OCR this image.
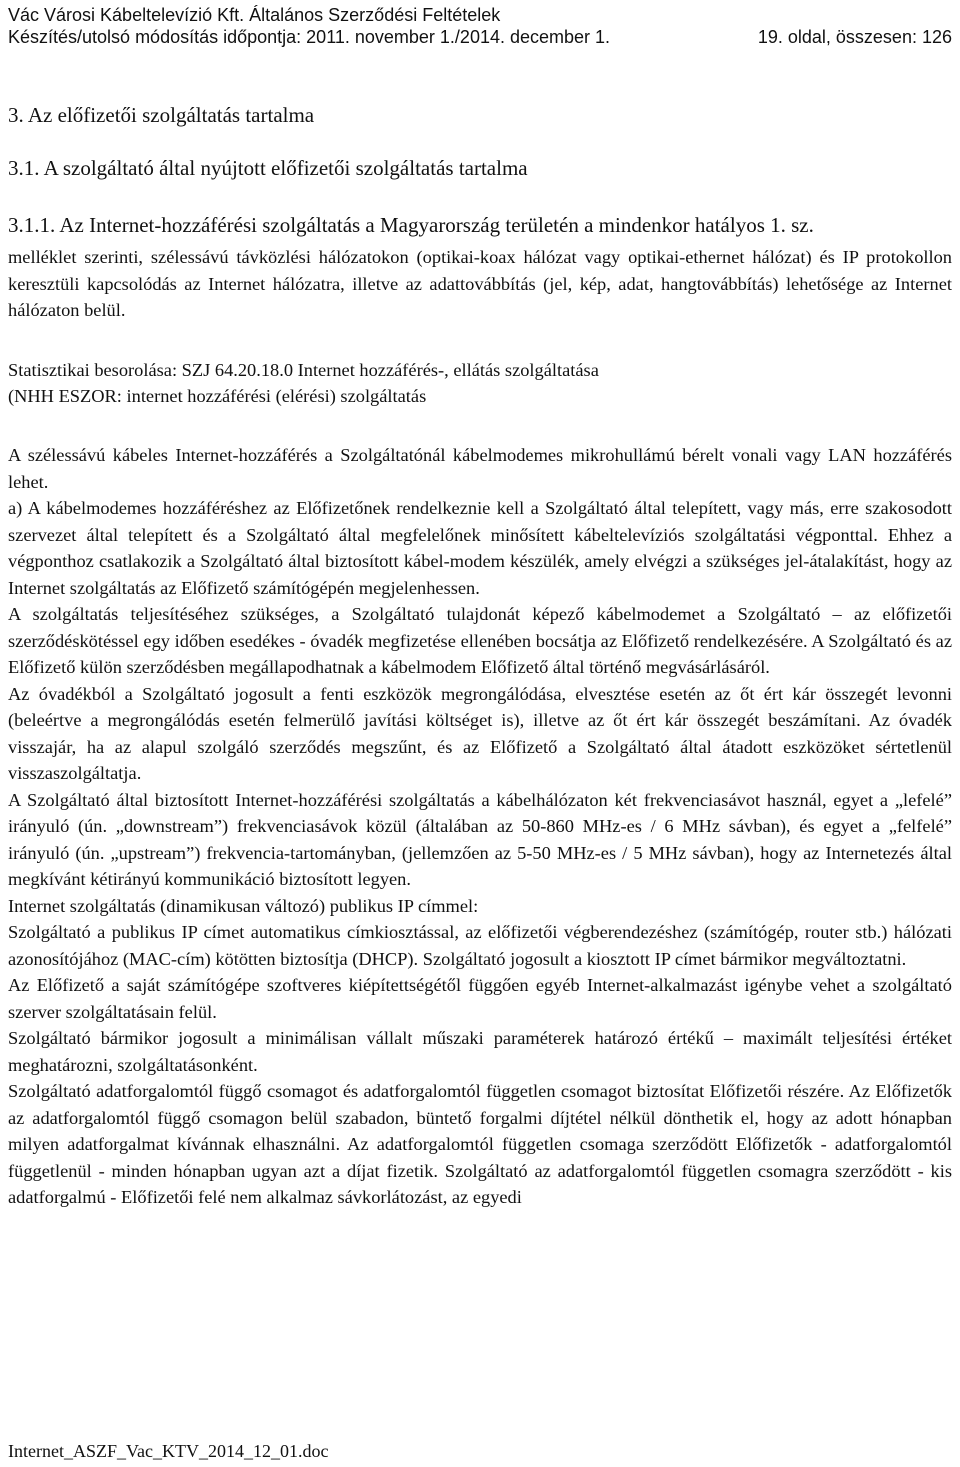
Vác Városi Kábeltelevízió Kft. Általános Szerződési Feltételek
Készítés/utolsó módosítás időpontja: 2011. november 1./2014. december 1.	19. oldal, összesen: 126
3. Az előfizetői szolgáltatás tartalma
3.1. A szolgáltató által nyújtott előfizetői szolgáltatás tartalma
3.1.1. Az Internet-hozzáférési szolgáltatás a Magyarország területén a mindenkor hatályos 1. sz.

melléklet szerinti, szélessávú távközlési hálózatokon (optikai-koax hálózat vagy optikai-ethernet hálózat) és IP protokollon keresztüli kapcsolódás az Internet hálózatra, illetve az adattovábbítás (jel, kép, adat, hangtovábbítás) lehetősége az Internet hálózaton belül.

Statisztikai besorolása: SZJ 64.20.18.0 Internet hozzáférés-, ellátás szolgáltatása

(NHH ESZOR: internet hozzáférési (elérési) szolgáltatás

A szélessávú kábeles Internet-hozzáférés a Szolgáltatónál kábelmodemes mikrohullámú bérelt vonali vagy LAN hozzáférés lehet.

a) A kábelmodemes hozzáféréshez az Előfizetőnek rendelkeznie kell a Szolgáltató által telepített, vagy más, erre szakosodott szervezet által telepített és a Szolgáltató által megfelelőnek minősített kábeltelevíziós szolgáltatási végponttal. Ehhez a végponthoz csatlakozik a Szolgáltató által biztosított kábel-modem készülék, amely elvégzi a szükséges jel-átalakítást, hogy az Internet szolgáltatás az Előfizető számítógépén megjelenhessen.

A szolgáltatás teljesítéséhez szükséges, a Szolgáltató tulajdonát képező kábelmodemet a Szolgáltató – az előfizetői szerződéskötéssel egy időben esedékes - óvadék megfizetése ellenében bocsátja az Előfizető rendelkezésére. A Szolgáltató és az Előfizető külön szerződésben megállapodhatnak a kábelmodem Előfizető által történő megvásárlásáról.

Az óvadékból a Szolgáltató jogosult a fenti eszközök megrongálódása, elvesztése esetén az őt ért kár összegét levonni (beleértve a megrongálódás esetén felmerülő javítási költséget is), illetve az őt ért kár összegét beszámítani. Az óvadék visszajár, ha az alapul szolgáló szerződés megszűnt, és az Előfizető a Szolgáltató által átadott eszközöket sértetlenül visszaszolgáltatja.

A Szolgáltató által biztosított Internet-hozzáférési szolgáltatás a kábelhálózaton két frekvenciasávot használ, egyet a „lefelé” irányuló (ún. „downstream”) frekvenciasávok közül (általában az 50-860 MHz-es / 6 MHz sávban), és egyet a „felfelé” irányuló (ún. „upstream”) frekvencia-tartományban, (jellemzően az 5-50 MHz-es / 5 MHz sávban), hogy az Internetezés által megkívánt kétirányú kommunikáció biztosított legyen.

Internet szolgáltatás (dinamikusan változó) publikus IP címmel:

Szolgáltató a publikus IP címet automatikus címkiosztással, az előfizetői végberendezéshez (számítógép, router stb.) hálózati azonosítójához (MAC-cím) kötötten biztosítja (DHCP). Szolgáltató jogosult a kiosztott IP címet bármikor megváltoztatni.

Az Előfizető a saját számítógépe szoftveres kiépítettségétől függően egyéb Internet-alkalmazást igénybe vehet a szolgáltató szerver szolgáltatásain felül.

Szolgáltató bármikor jogosult a minimálisan vállalt műszaki paraméterek határozó értékű – maximált teljesítési értéket meghatározni, szolgáltatásonként.

Szolgáltató adatforgalomtól függő csomagot és adatforgalomtól független csomagot biztosítat Előfizetői részére. Az Előfizetők az adatforgalomtól függő csomagon belül szabadon, büntető forgalmi díjtétel nélkül dönthetik el, hogy az adott hónapban milyen adatforgalmat kívánnak elhasználni. Az adatforgalomtól független csomaga szerződött Előfizetők - adatforgalomtól függetlenül - minden hónapban ugyan azt a díjat fizetik. Szolgáltató az adatforgalomtól független csomagra szerződött - kis adatforgalmú - Előfizetői felé nem alkalmaz sávkorlátozást, az egyedi

Internet_ASZF_Vac_KTV_2014_12_01.doc
